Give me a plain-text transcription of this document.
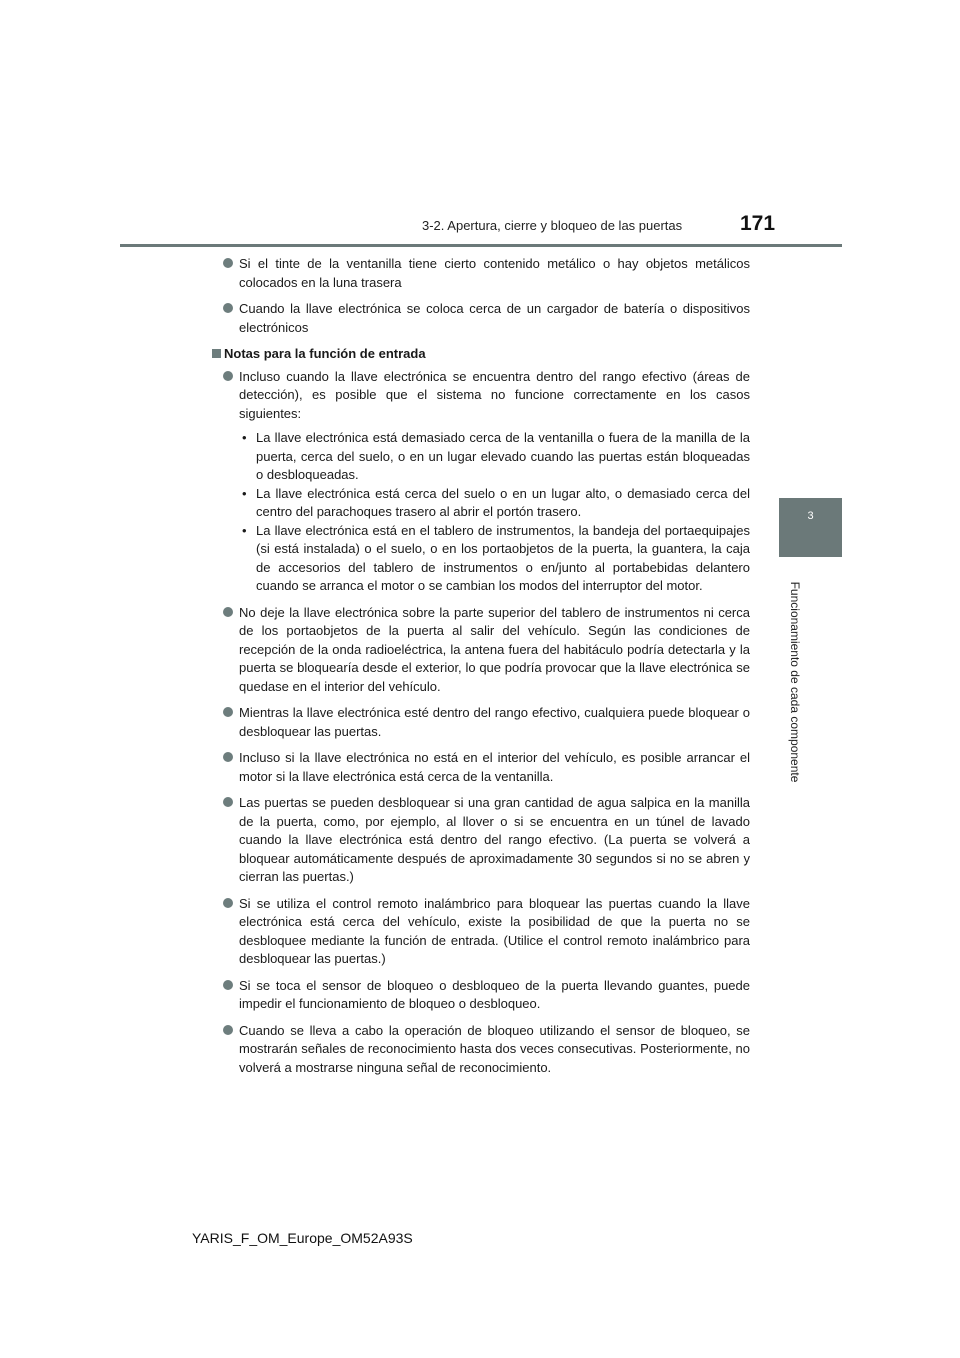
3-2. Apertura, cierre y bloqueo de las puertas	171
3
Funcionamiento de cada componente
Si el tinte de la ventanilla tiene cierto contenido metálico o hay objetos metálicos colocados en la luna trasera
Cuando la llave electrónica se coloca cerca de un cargador de batería o dispositivos electrónicos
Notas para la función de entrada
Incluso cuando la llave electrónica se encuentra dentro del rango efectivo (áreas de detección), es posible que el sistema no funcione correctamente en los casos siguientes:
• La llave electrónica está demasiado cerca de la ventanilla o fuera de la manilla de la puerta, cerca del suelo, o en un lugar elevado cuando las puertas están bloqueadas o desbloqueadas.
• La llave electrónica está cerca del suelo o en un lugar alto, o demasiado cerca del centro del parachoques trasero al abrir el portón trasero.
• La llave electrónica está en el tablero de instrumentos, la bandeja del portaequipajes (si está instalada) o el suelo, o en los portaobjetos de la puerta, la guantera, la caja de accesorios del tablero de instrumentos o en/junto al portabebidas delantero cuando se arranca el motor o se cambian los modos del interruptor del motor.
No deje la llave electrónica sobre la parte superior del tablero de instrumentos ni cerca de los portaobjetos de la puerta al salir del vehículo. Según las condiciones de recepción de la onda radioeléctrica, la antena fuera del habitáculo podría detectarla y la puerta se bloquearía desde el exterior, lo que podría provocar que la llave electrónica se quedase en el interior del vehículo.
Mientras la llave electrónica esté dentro del rango efectivo, cualquiera puede bloquear o desbloquear las puertas.
Incluso si la llave electrónica no está en el interior del vehículo, es posible arrancar el motor si la llave electrónica está cerca de la ventanilla.
Las puertas se pueden desbloquear si una gran cantidad de agua salpica en la manilla de la puerta, como, por ejemplo, al llover o si se encuentra en un túnel de lavado cuando la llave electrónica está dentro del rango efectivo. (La puerta se volverá a bloquear automáticamente después de aproximadamente 30 segundos si no se abren y cierran las puertas.)
Si se utiliza el control remoto inalámbrico para bloquear las puertas cuando la llave electrónica está cerca del vehículo, existe la posibilidad de que la puerta no se desbloquee mediante la función de entrada. (Utilice el control remoto inalámbrico para desbloquear las puertas.)
Si se toca el sensor de bloqueo o desbloqueo de la puerta llevando guantes, puede impedir el funcionamiento de bloqueo o desbloqueo.
Cuando se lleva a cabo la operación de bloqueo utilizando el sensor de bloqueo, se mostrarán señales de reconocimiento hasta dos veces consecutivas. Posteriormente, no volverá a mostrarse ninguna señal de reconocimiento.
YARIS_F_OM_Europe_OM52A93S
